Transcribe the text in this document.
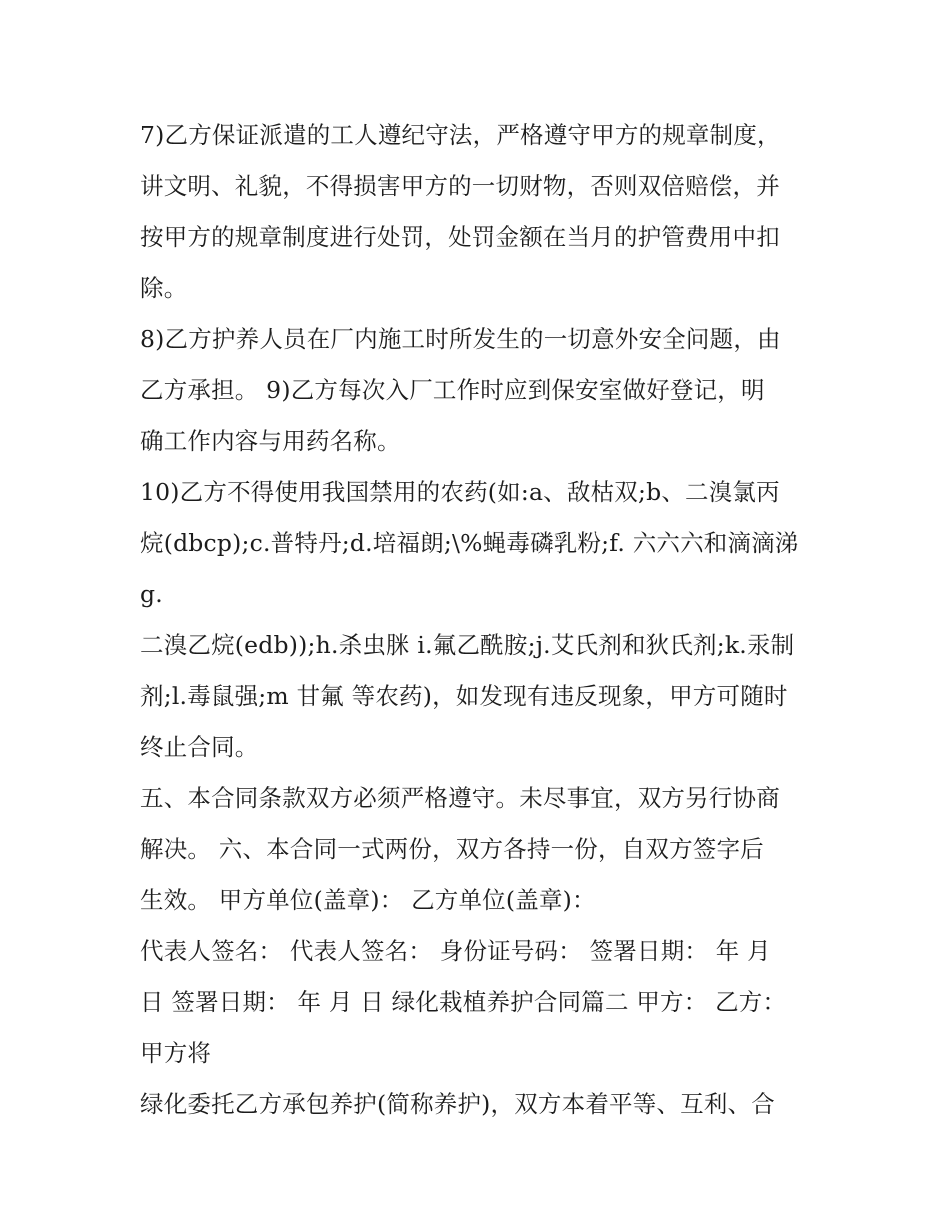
7)乙方保证派遣的工人遵纪守法，严格遵守甲方的规章制度，
讲文明、礼貌，不得损害甲方的一切财物，否则双倍赔偿，并
按甲方的规章制度进行处罚，处罚金额在当月的护管费用中扣
除。
8)乙方护养人员在厂内施工时所发生的一切意外安全问题，由
乙方承担。 9)乙方每次入厂工作时应到保安室做好登记，明
确工作内容与用药名称。
10)乙方不得使用我国禁用的农药(如:a、敌枯双;b、二溴氯丙
烷(dbcp);c.普特丹;d.培福朗;\%蝇毒磷乳粉;f. 六六六和滴滴涕
g.
二溴乙烷(edb));h.杀虫脒 i.氟乙酰胺;j.艾氏剂和狄氏剂;k.汞制
剂;l.毒鼠强;m 甘氟 等农药)，如发现有违反现象，甲方可随时
终止合同。
五、本合同条款双方必须严格遵守。未尽事宜，双方另行协商
解决。 六、本合同一式两份，双方各持一份，自双方签字后
生效。 甲方单位(盖章)： 乙方单位(盖章)：
代表人签名： 代表人签名： 身份证号码： 签署日期： 年 月
日 签署日期： 年 月 日 绿化栽植养护合同篇二 甲方： 乙方：
甲方将
绿化委托乙方承包养护(简称养护)，双方本着平等、互利、合
